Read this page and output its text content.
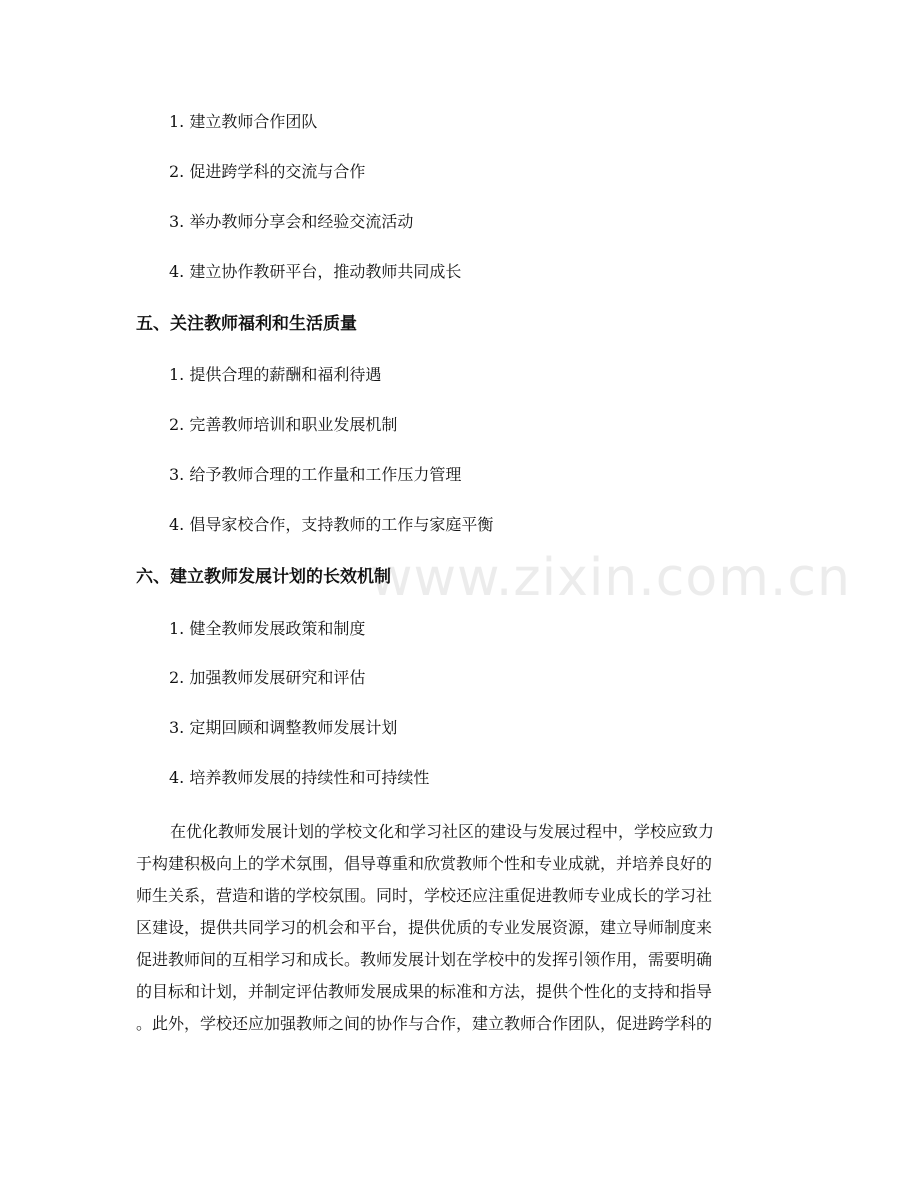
www.zixin.com.cn
1. 建立教师合作团队
2. 促进跨学科的交流与合作
3. 举办教师分享会和经验交流活动
4. 建立协作教研平台，推动教师共同成长
五、关注教师福利和生活质量
1. 提供合理的薪酬和福利待遇
2. 完善教师培训和职业发展机制
3. 给予教师合理的工作量和工作压力管理
4. 倡导家校合作，支持教师的工作与家庭平衡
六、建立教师发展计划的长效机制
1. 健全教师发展政策和制度
2. 加强教师发展研究和评估
3. 定期回顾和调整教师发展计划
4. 培养教师发展的持续性和可持续性
在优化教师发展计划的学校文化和学习社区的建设与发展过程中，学校应致力
于构建积极向上的学术氛围，倡导尊重和欣赏教师个性和专业成就，并培养良好的
师生关系，营造和谐的学校氛围。同时，学校还应注重促进教师专业成长的学习社
区建设，提供共同学习的机会和平台，提供优质的专业发展资源，建立导师制度来
促进教师间的互相学习和成长。教师发展计划在学校中的发挥引领作用，需要明确
的目标和计划，并制定评估教师发展成果的标准和方法，提供个性化的支持和指导
。此外，学校还应加强教师之间的协作与合作，建立教师合作团队，促进跨学科的
